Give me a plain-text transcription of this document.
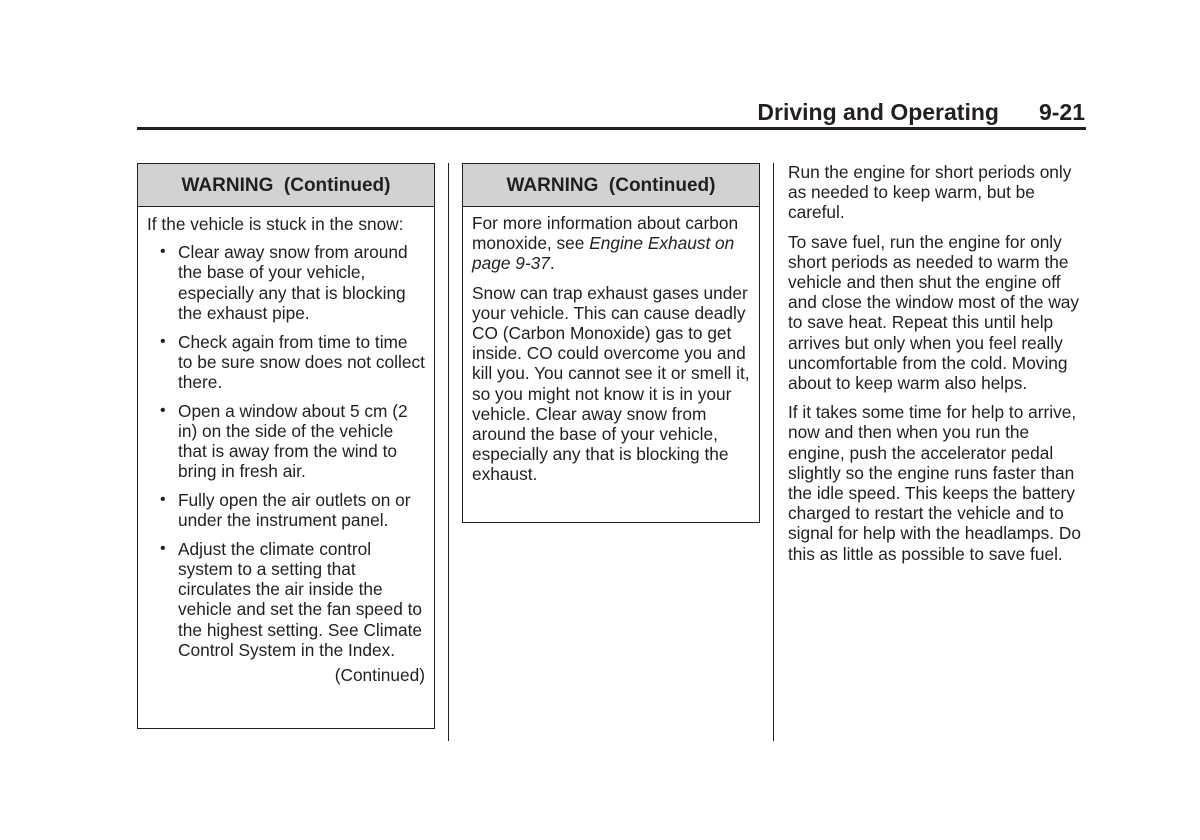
Driving and Operating 9-21
WARNING  (Continued)
If the vehicle is stuck in the snow:
• Clear away snow from around the base of your vehicle, especially any that is blocking the exhaust pipe.
• Check again from time to time to be sure snow does not collect there.
• Open a window about 5 cm (2 in) on the side of the vehicle that is away from the wind to bring in fresh air.
• Fully open the air outlets on or under the instrument panel.
• Adjust the climate control system to a setting that circulates the air inside the vehicle and set the fan speed to the highest setting. See Climate Control System in the Index.
(Continued)
WARNING  (Continued)

For more information about carbon monoxide, see Engine Exhaust on page 9-37.

Snow can trap exhaust gases under your vehicle. This can cause deadly CO (Carbon Monoxide) gas to get inside. CO could overcome you and kill you. You cannot see it or smell it, so you might not know it is in your vehicle. Clear away snow from around the base of your vehicle, especially any that is blocking the exhaust.

Run the engine for short periods only as needed to keep warm, but be careful.

To save fuel, run the engine for only short periods as needed to warm the vehicle and then shut the engine off and close the window most of the way to save heat. Repeat this until help arrives but only when you feel really uncomfortable from the cold. Moving about to keep warm also helps.

If it takes some time for help to arrive, now and then when you run the engine, push the accelerator pedal slightly so the engine runs faster than the idle speed. This keeps the battery charged to restart the vehicle and to signal for help with the headlamps. Do this as little as possible to save fuel.
